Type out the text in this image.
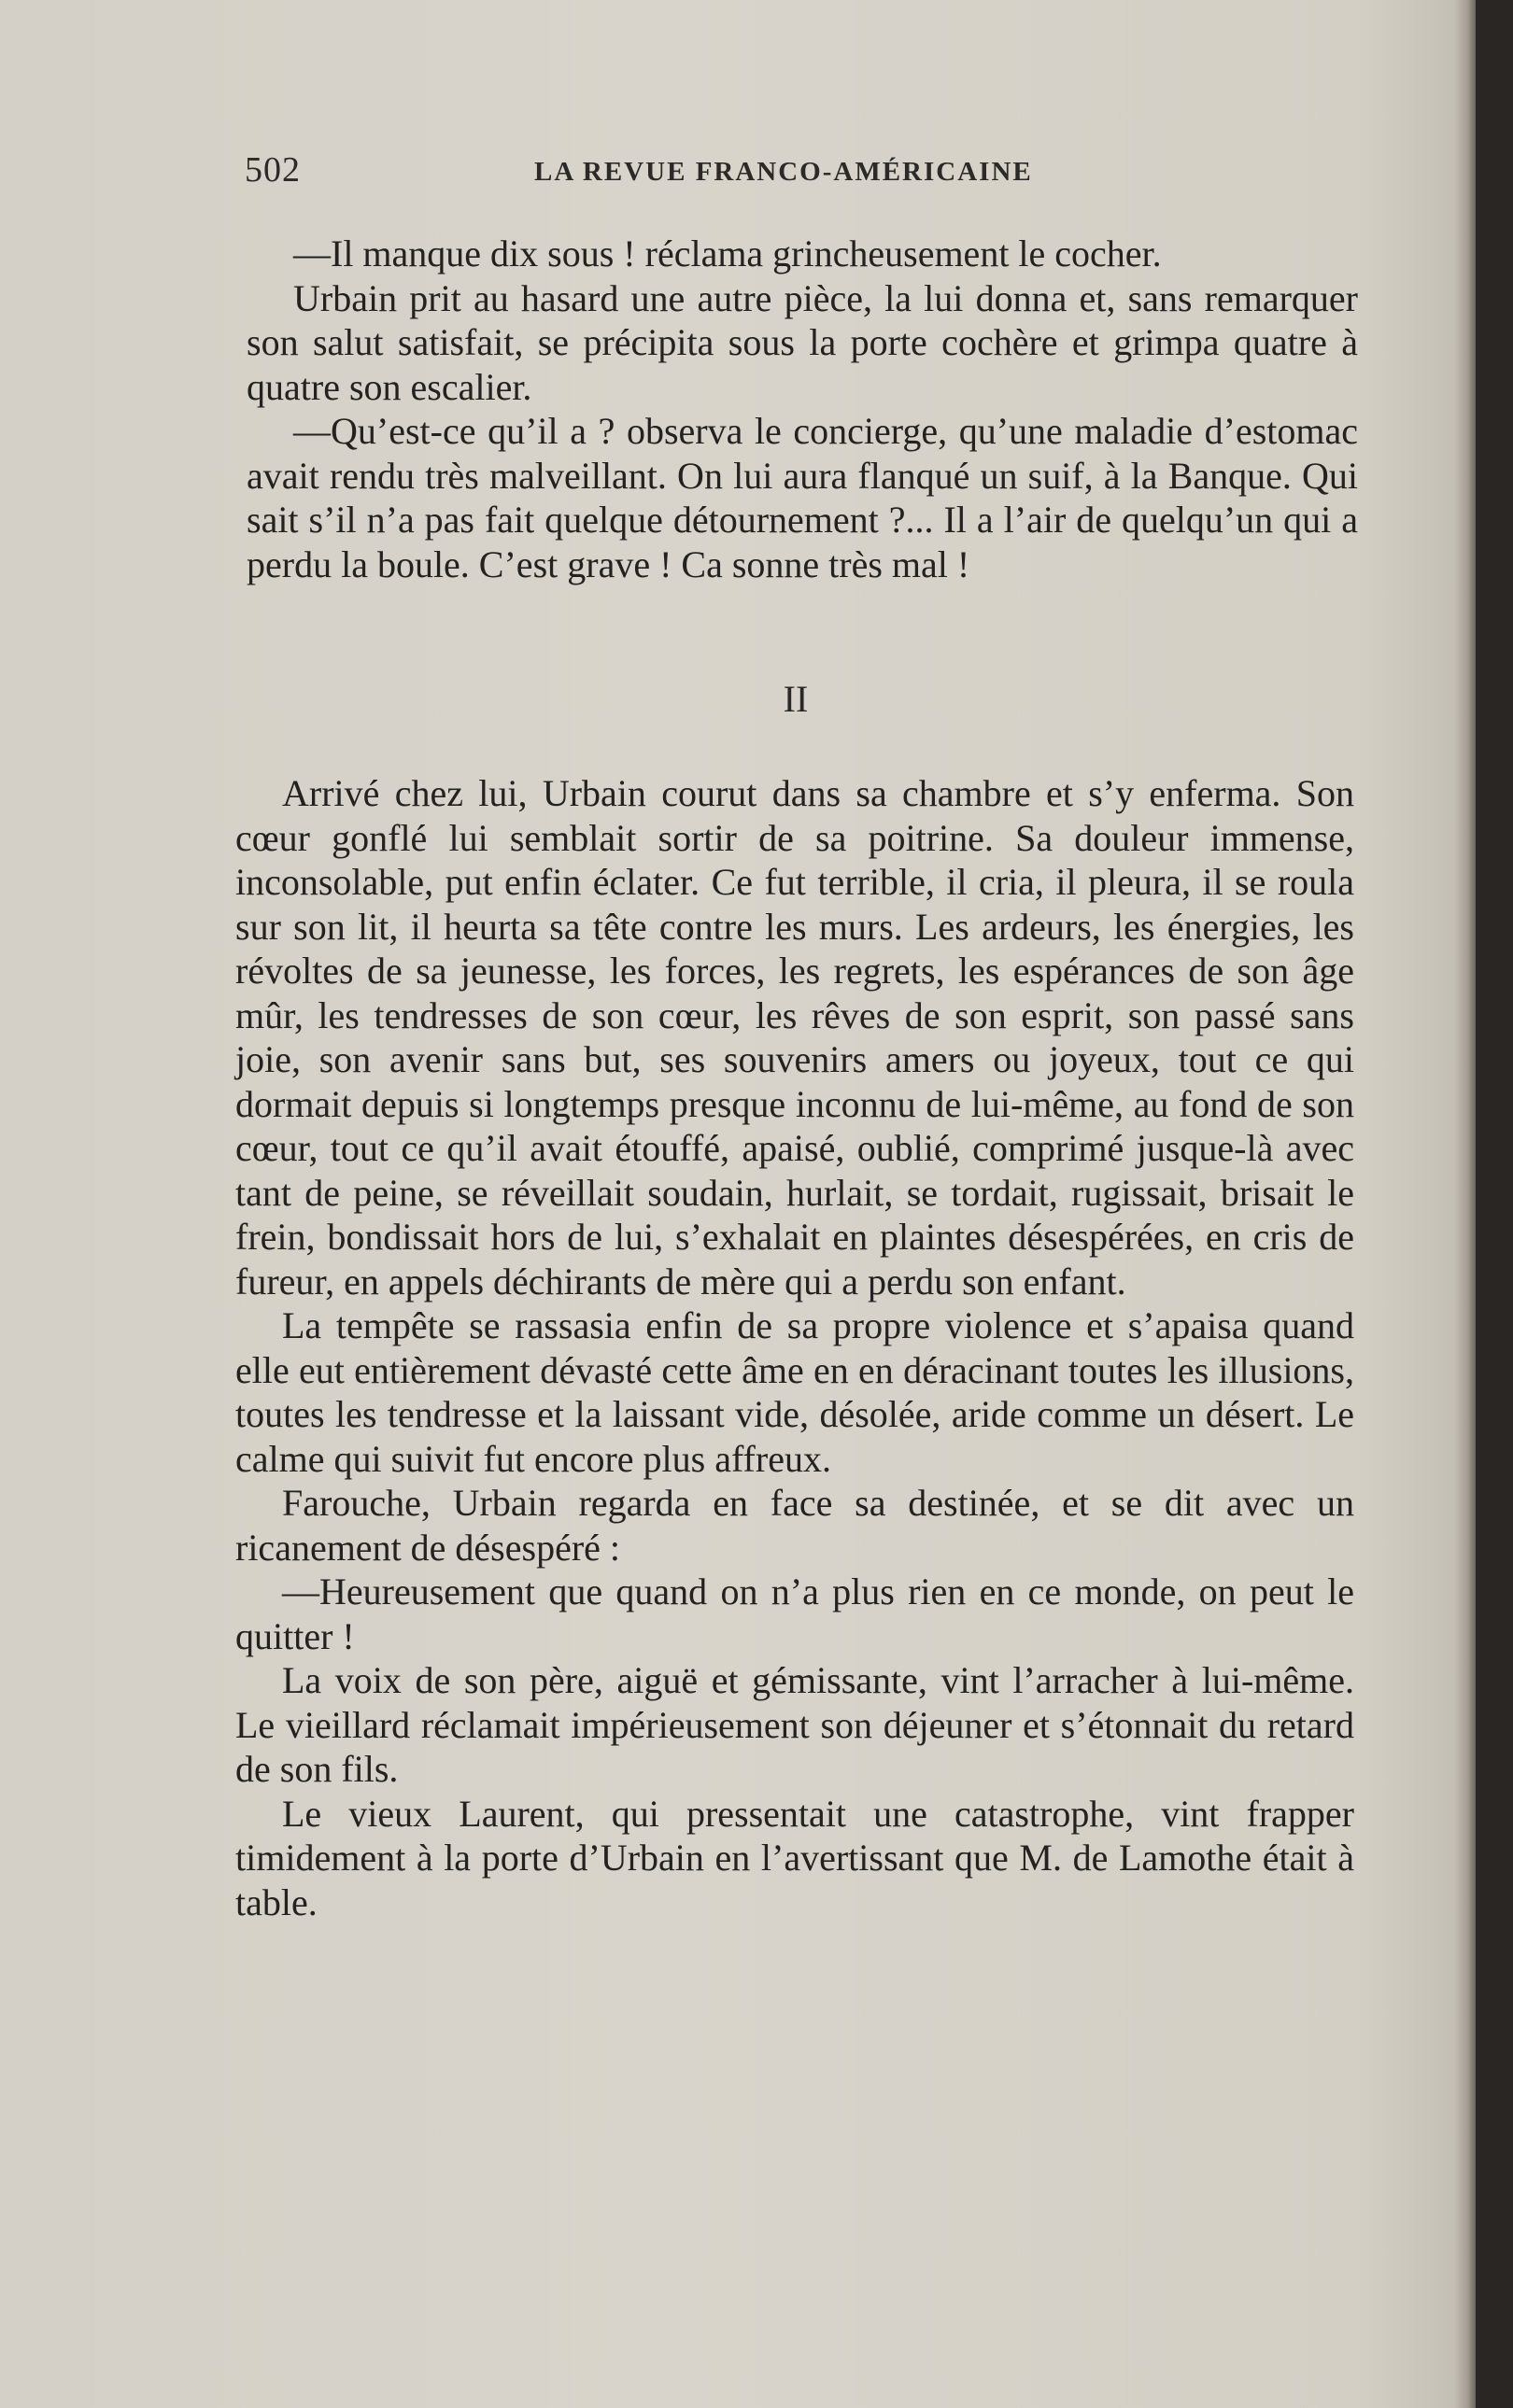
502	LA REVUE FRANCO-AMÉRICAINE

—Il manque dix sous ! réclama grincheusement le cocher.

Urbain prit au hasard une autre pièce, la lui donna et, sans remarquer son salut satisfait, se précipita sous la porte cochère et grimpa quatre à quatre son escalier.

—Qu’est-ce qu’il a ? observa le concierge, qu’une maladie d’estomac avait rendu très malveillant. On lui aura flanqué un suif, à la Banque. Qui sait s’il n’a pas fait quelque détournement ?... Il a l’air de quelqu’un qui a perdu la boule. C’est grave ! Ca sonne très mal !

II

Arrivé chez lui, Urbain courut dans sa chambre et s’y enferma. Son cœur gonflé lui semblait sortir de sa poitrine. Sa douleur immense, inconsolable, put enfin éclater. Ce fut terrible, il cria, il pleura, il se roula sur son lit, il heurta sa tête contre les murs. Les ardeurs, les énergies, les révoltes de sa jeunesse, les forces, les regrets, les espérances de son âge mûr, les tendresses de son cœur, les rêves de son esprit, son passé sans joie, son avenir sans but, ses souvenirs amers ou joyeux, tout ce qui dormait depuis si longtemps presque inconnu de lui-même, au fond de son cœur, tout ce qu’il avait étouffé, apaisé, oublié, comprimé jusque-là avec tant de peine, se réveillait soudain, hurlait, se tordait, rugissait, brisait le frein, bondissait hors de lui, s’exhalait en plaintes désespérées, en cris de fureur, en appels déchirants de mère qui a perdu son enfant.

La tempête se rassasia enfin de sa propre violence et s’apaisa quand elle eut entièrement dévasté cette âme en en déracinant toutes les illusions, toutes les tendresse et la laissant vide, désolée, aride comme un désert. Le calme qui suivit fut encore plus affreux.

Farouche, Urbain regarda en face sa destinée, et se dit avec un ricanement de désespéré :

—Heureusement que quand on n’a plus rien en ce monde, on peut le quitter !

La voix de son père, aiguë et gémissante, vint l’arracher à lui-même. Le vieillard réclamait impérieusement son déjeuner et s’étonnait du retard de son fils.

Le vieux Laurent, qui pressentait une catastrophe, vint frapper timidement à la porte d’Urbain en l’avertissant que M. de Lamothe était à table.
